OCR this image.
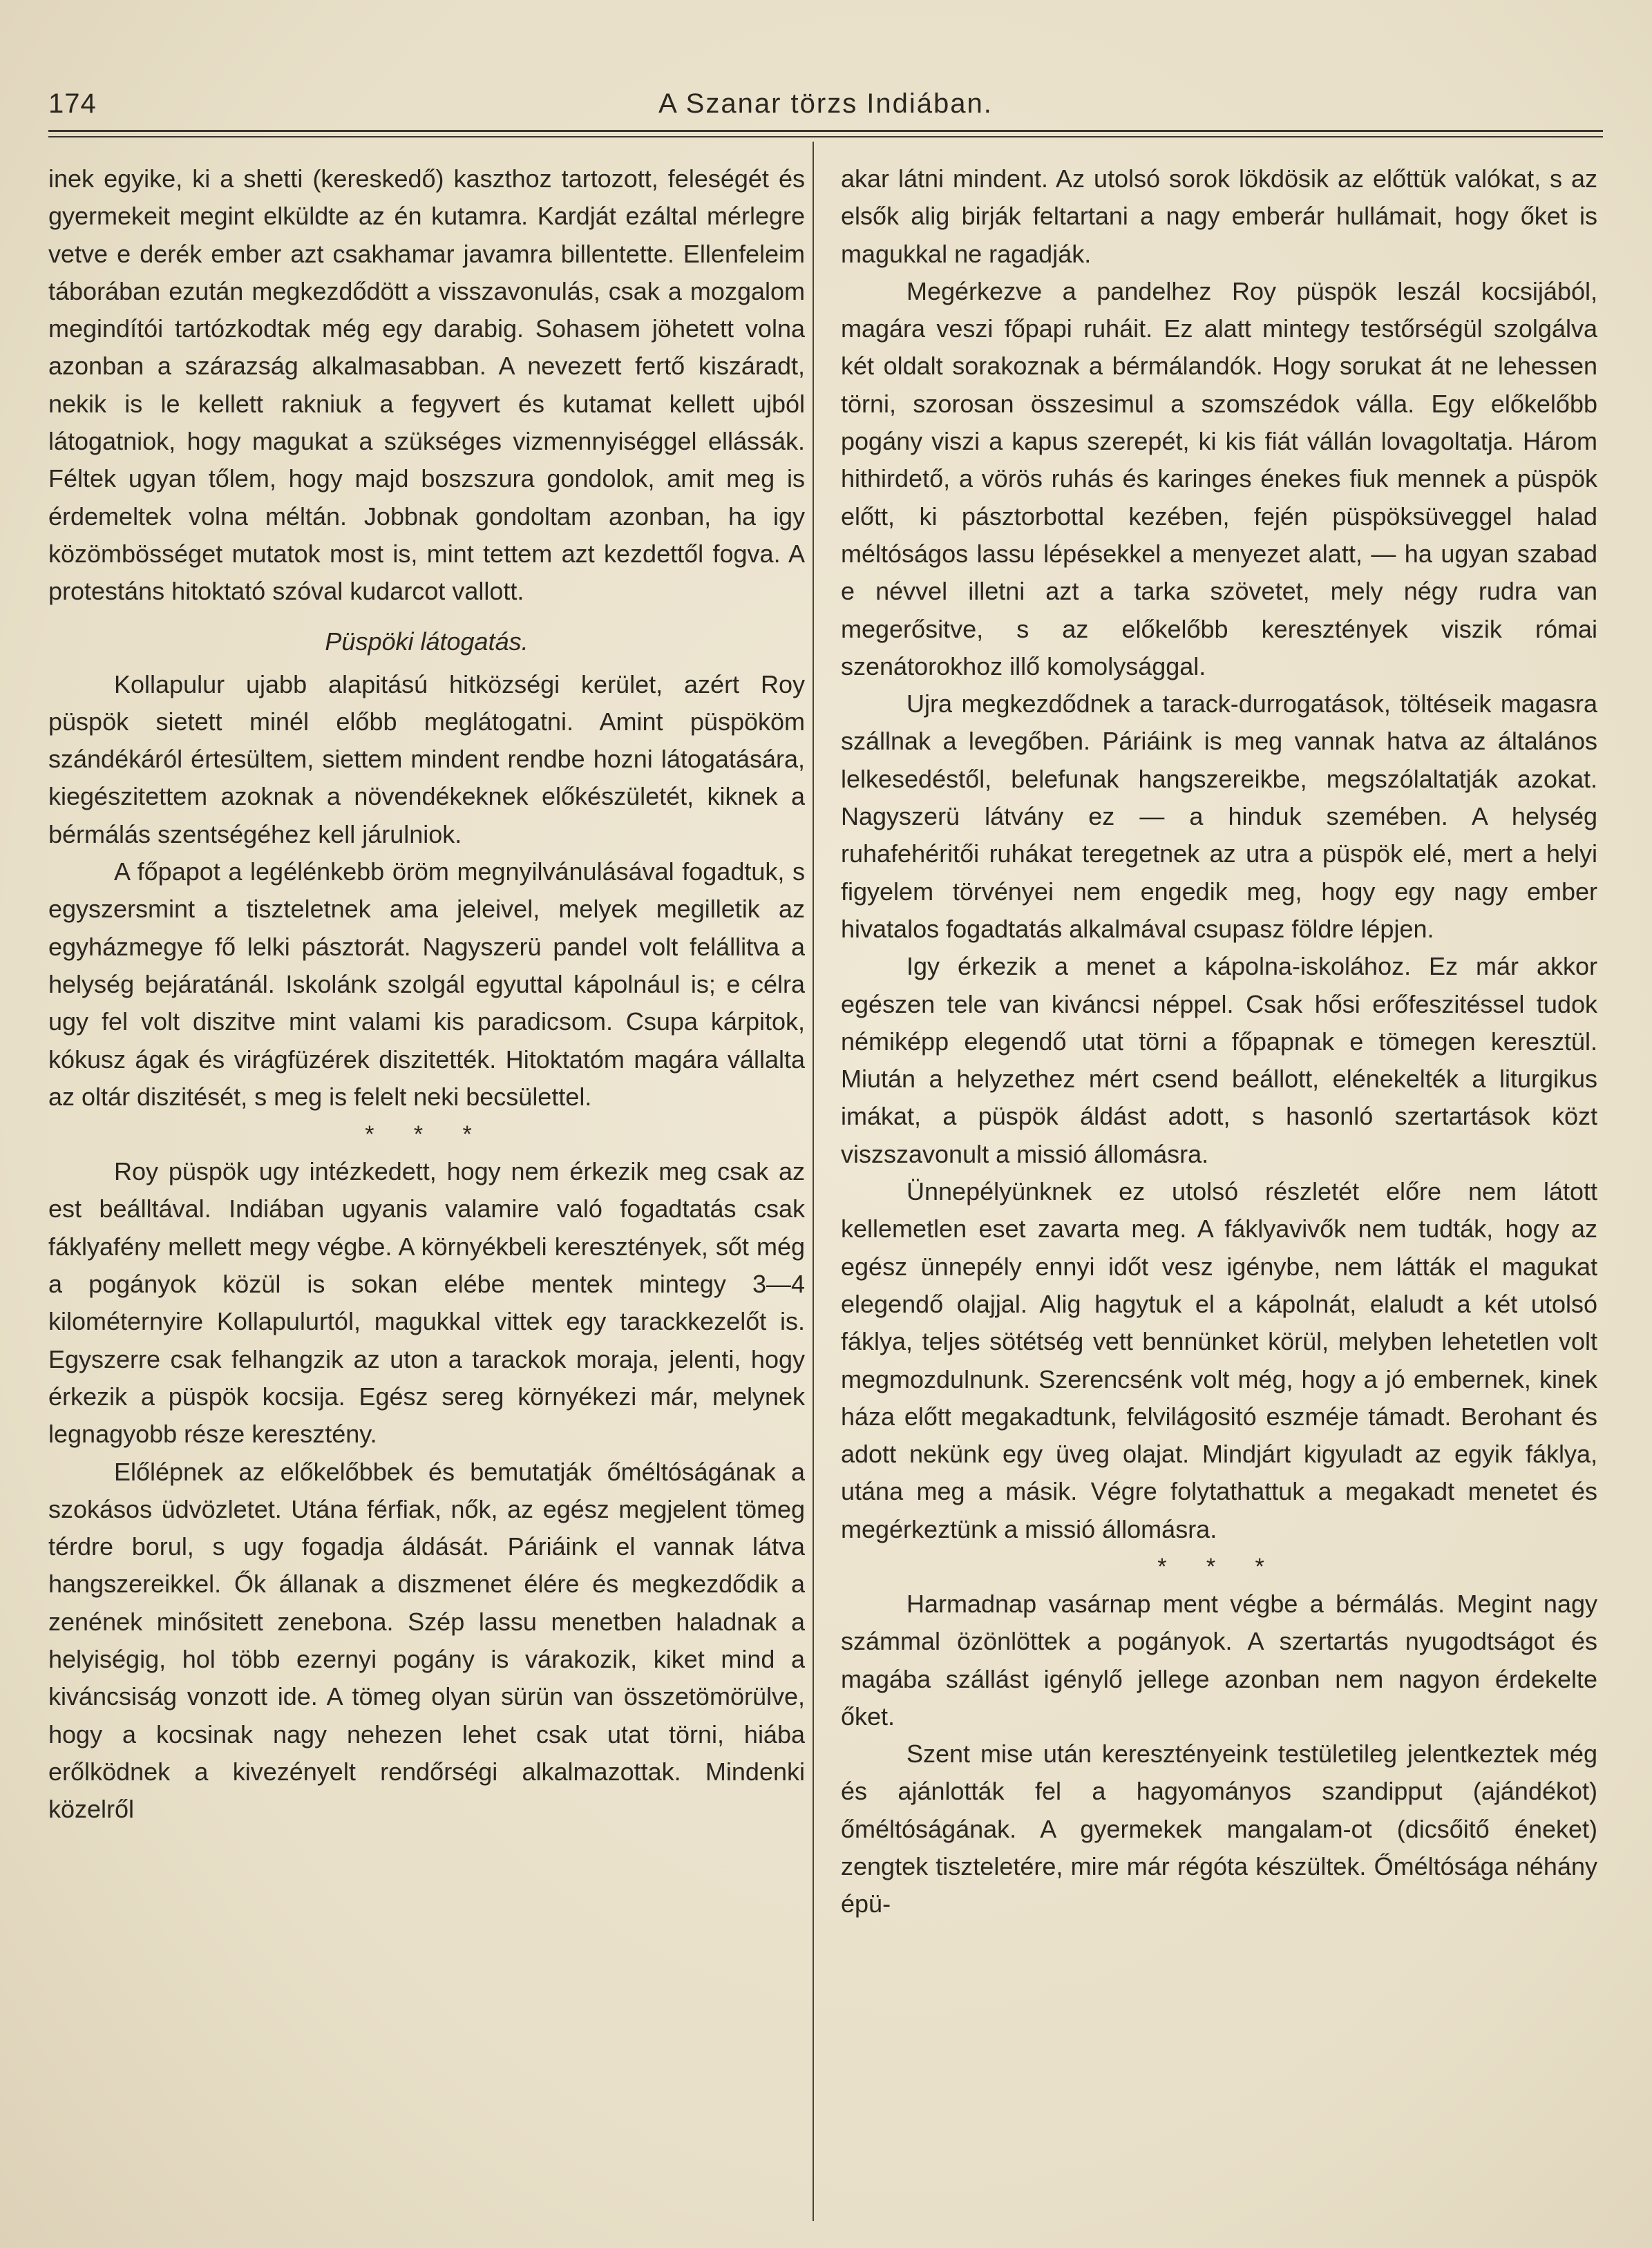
174	A Szanar törzs Indiában.

inek egyike, ki a shetti (kereskedő) kaszthoz tartozott, feleségét és gyermekeit megint elküldte az én kutamra. Kardját ezáltal mérlegre vetve e derék ember azt csakhamar javamra billentette. Ellenfeleim táborában ezután megkezdődött a visszavonulás, csak a mozgalom megindítói tartózkodtak még egy darabig. Sohasem jöhetett volna azonban a szárazság alkalmasabban. A nevezett fertő kiszáradt, nekik is le kellett rakniuk a fegyvert és kutamat kellett ujból látogatniok, hogy magukat a szükséges vizmennyiséggel ellássák. Féltek ugyan tőlem, hogy majd boszszura gondolok, amit meg is érdemeltek volna méltán. Jobbnak gondoltam azonban, ha igy közömbösséget mutatok most is, mint tettem azt kezdettől fogva. A protestáns hitoktató szóval kudarcot vallott.

Püspöki látogatás.

Kollapulur ujabb alapitású hitközségi kerület, azért Roy püspök sietett minél előbb meglátogatni. Amint püspököm szándékáról értesültem, siettem mindent rendbe hozni látogatására, kiegészitettem azoknak a növendékeknek előkészületét, kiknek a bérmálás szentségéhez kell járulniok.

A főpapot a legélénkebb öröm megnyilvánulásával fogadtuk, s egyszersmint a tiszteletnek ama jeleivel, melyek megilletik az egyházmegye fő lelki pásztorát. Nagyszerü pandel volt felállitva a helység bejáratánál. Iskolánk szolgál egyuttal kápolnául is; e célra ugy fel volt diszitve mint valami kis paradicsom. Csupa kárpitok, kókusz ágak és virágfüzérek diszitették. Hitoktatóm magára vállalta az oltár diszitését, s meg is felelt neki becsülettel.

* * *

Roy püspök ugy intézkedett, hogy nem érkezik meg csak az est beálltával. Indiában ugyanis valamire való fogadtatás csak fáklyafény mellett megy végbe. A környékbeli keresztények, sőt még a pogányok közül is sokan elébe mentek mintegy 3—4 kilométernyire Kollapulurtól, magukkal vittek egy tarackkezelőt is. Egyszerre csak felhangzik az uton a tarackok moraja, jelenti, hogy érkezik a püspök kocsija. Egész sereg környékezi már, melynek legnagyobb része keresztény.

Előlépnek az előkelőbbek és bemutatják őméltóságának a szokásos üdvözletet. Utána férfiak, nők, az egész megjelent tömeg térdre borul, s ugy fogadja áldását. Páriáink el vannak látva hangszereikkel. Ők állanak a diszmenet élére és megkezdődik a zenének minősitett zenebona. Szép lassu menetben haladnak a helyiségig, hol több ezernyi pogány is várakozik, kiket mind a kiváncsiság vonzott ide. A tömeg olyan sürün van összetömörülve, hogy a kocsinak nagy nehezen lehet csak utat törni, hiába erőlködnek a kivezényelt rendőrségi alkalmazottak. Mindenki közelről

akar látni mindent. Az utolsó sorok lökdösik az előttük valókat, s az elsők alig birják feltartani a nagy emberár hullámait, hogy őket is magukkal ne ragadják.

Megérkezve a pandelhez Roy püspök leszál kocsijából, magára veszi főpapi ruháit. Ez alatt mintegy testőrségül szolgálva két oldalt sorakoznak a bérmálandók. Hogy sorukat át ne lehessen törni, szorosan összesimul a szomszédok válla. Egy előkelőbb pogány viszi a kapus szerepét, ki kis fiát vállán lovagoltatja. Három hithirdető, a vörös ruhás és karinges énekes fiuk mennek a püspök előtt, ki pásztorbottal kezében, fején püspöksüveggel halad méltóságos lassu lépésekkel a menyezet alatt, — ha ugyan szabad e névvel illetni azt a tarka szövetet, mely négy rudra van megerősitve, s az előkelőbb keresztények viszik római szenátorokhoz illő komolysággal.

Ujra megkezdődnek a tarack-durrogatások, töltéseik magasra szállnak a levegőben. Páriáink is meg vannak hatva az általános lelkesedéstől, belefunak hangszereikbe, megszólaltatják azokat. Nagyszerü látvány ez — a hinduk szemében. A helység ruhafehéritői ruhákat teregetnek az utra a püspök elé, mert a helyi figyelem törvényei nem engedik meg, hogy egy nagy ember hivatalos fogadtatás alkalmával csupasz földre lépjen.

Igy érkezik a menet a kápolna-iskolához. Ez már akkor egészen tele van kiváncsi néppel. Csak hősi erőfeszitéssel tudok némiképp elegendő utat törni a főpapnak e tömegen keresztül. Miután a helyzethez mért csend beállott, elénekelték a liturgikus imákat, a püspök áldást adott, s hasonló szertartások közt viszszavonult a missió állomásra.

Ünnepélyünknek ez utolsó részletét előre nem látott kellemetlen eset zavarta meg. A fáklyavivők nem tudták, hogy az egész ünnepély ennyi időt vesz igénybe, nem látták el magukat elegendő olajjal. Alig hagytuk el a kápolnát, elaludt a két utolsó fáklya, teljes sötétség vett bennünket körül, melyben lehetetlen volt megmozdulnunk. Szerencsénk volt még, hogy a jó embernek, kinek háza előtt megakadtunk, felvilágositó eszméje támadt. Berohant és adott nekünk egy üveg olajat. Mindjárt kigyuladt az egyik fáklya, utána meg a másik. Végre folytathattuk a megakadt menetet és megérkeztünk a missió állomásra.

* * *

Harmadnap vasárnap ment végbe a bérmálás. Megint nagy számmal özönlöttek a pogányok. A szertartás nyugodtságot és magába szállást igénylő jellege azonban nem nagyon érdekelte őket.

Szent mise után keresztényeink testületileg jelentkeztek még és ajánlották fel a hagyományos szandipput (ajándékot) őméltóságának. A gyermekek mangalam-ot (dicsőitő éneket) zengtek tiszteletére, mire már régóta készültek. Őméltósága néhány épü-
